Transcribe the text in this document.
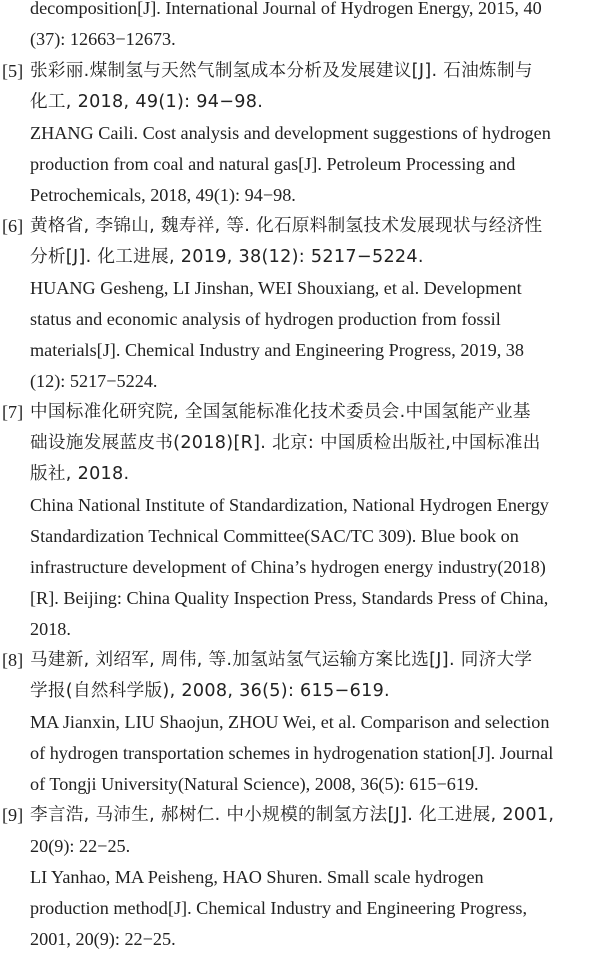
decomposition[J]. International Journal of Hydrogen Energy, 2015, 40
(37): 12663−12673.
[5] 张彩丽.煤制氢与天然气制氢成本分析及发展建议[J]. 石油炼制与
化工, 2018, 49(1): 94−98.
ZHANG Caili. Cost analysis and development suggestions of hydrogen
production from coal and natural gas[J]. Petroleum Processing and
Petrochemicals, 2018, 49(1): 94−98.
[6] 黄格省, 李锦山, 魏寿祥, 等. 化石原料制氢技术发展现状与经济性
分析[J]. 化工进展, 2019, 38(12): 5217−5224.
HUANG Gesheng, LI Jinshan, WEI Shouxiang, et al. Development
status and economic analysis of hydrogen production from fossil
materials[J]. Chemical Industry and Engineering Progress, 2019, 38
(12): 5217−5224.
[7] 中国标准化研究院, 全国氢能标准化技术委员会.中国氢能产业基
础设施发展蓝皮书(2018)[R]. 北京: 中国质检出版社,中国标准出
版社, 2018.
China National Institute of Standardization, National Hydrogen Energy
Standardization Technical Committee(SAC/TC 309). Blue book on
infrastructure development of China’s hydrogen energy industry(2018)
[R]. Beijing: China Quality Inspection Press, Standards Press of China,
2018.
[8] 马建新, 刘绍军, 周伟, 等.加氢站氢气运输方案比选[J]. 同济大学
学报(自然科学版), 2008, 36(5): 615−619.
MA Jianxin, LIU Shaojun, ZHOU Wei, et al. Comparison and selection
of hydrogen transportation schemes in hydrogenation station[J]. Journal
of Tongji University(Natural Science), 2008, 36(5): 615−619.
[9] 李言浩, 马沛生, 郝树仁. 中小规模的制氢方法[J]. 化工进展, 2001,
20(9): 22−25.
LI Yanhao, MA Peisheng, HAO Shuren. Small scale hydrogen
production method[J]. Chemical Industry and Engineering Progress,
2001, 20(9): 22−25.
